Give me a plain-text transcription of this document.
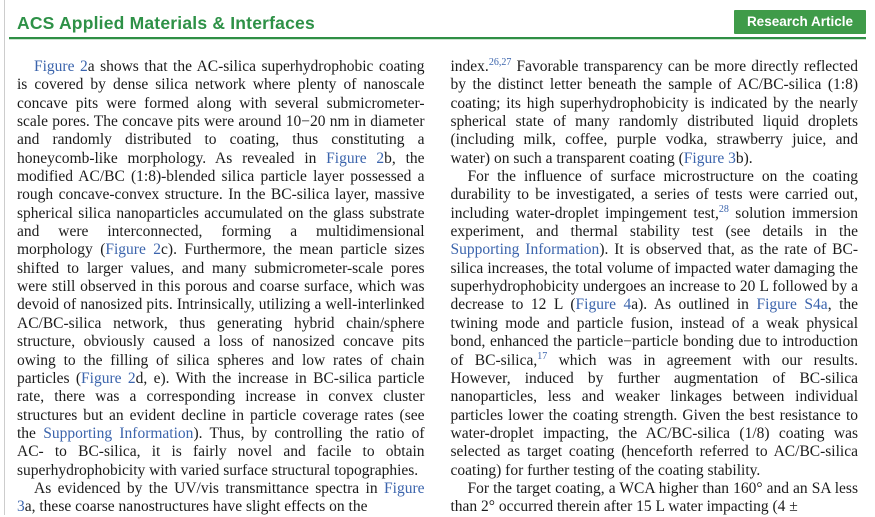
ACS Applied Materials & Interfaces	Research Article

Figure 2a shows that the AC-silica superhydrophobic coating is covered by dense silica network where plenty of nanoscale concave pits were formed along with several submicrometer-scale pores. The concave pits were around 10−20 nm in diameter and randomly distributed to coating, thus constituting a honeycomb-like morphology. As revealed in Figure 2b, the modified AC/BC (1:8)-blended silica particle layer possessed a rough concave-convex structure. In the BC-silica layer, massive spherical silica nanoparticles accumulated on the glass substrate and were interconnected, forming a multidimensional morphology (Figure 2c). Furthermore, the mean particle sizes shifted to larger values, and many submicrometer-scale pores were still observed in this porous and coarse surface, which was devoid of nanosized pits. Intrinsically, utilizing a well-interlinked AC/BC-silica network, thus generating hybrid chain/sphere structure, obviously caused a loss of nanosized concave pits owing to the filling of silica spheres and low rates of chain particles (Figure 2d, e). With the increase in BC-silica particle rate, there was a corresponding increase in convex cluster structures but an evident decline in particle coverage rates (see the Supporting Information). Thus, by controlling the ratio of AC- to BC-silica, it is fairly novel and facile to obtain superhydrophobicity with varied surface structural topographies.

As evidenced by the UV/vis transmittance spectra in Figure 3a, these coarse nanostructures have slight effects on the

index.$^{26,27}$ Favorable transparency can be more directly reflected by the distinct letter beneath the sample of AC/BC-silica (1:8) coating; its high superhydrophobicity is indicated by the nearly spherical state of many randomly distributed liquid droplets (including milk, coffee, purple vodka, strawberry juice, and water) on such a transparent coating (Figure 3b).

For the influence of surface microstructure on the coating durability to be investigated, a series of tests were carried out, including water-droplet impingement test,$^{28}$ solution immersion experiment, and thermal stability test (see details in the Supporting Information). It is observed that, as the rate of BC-silica increases, the total volume of impacted water damaging the superhydrophobicity undergoes an increase to 20 L followed by a decrease to 12 L (Figure 4a). As outlined in Figure S4a, the twining mode and particle fusion, instead of a weak physical bond, enhanced the particle−particle bonding due to introduction of BC-silica,$^{17}$ which was in agreement with our results. However, induced by further augmentation of BC-silica nanoparticles, less and weaker linkages between individual particles lower the coating strength. Given the best resistance to water-droplet impacting, the AC/BC-silica (1/8) coating was selected as target coating (henceforth referred to AC/BC-silica coating) for further testing of the coating stability.

For the target coating, a WCA higher than 160° and an SA less than 2° occurred therein after 15 L water impacting (4 ±
